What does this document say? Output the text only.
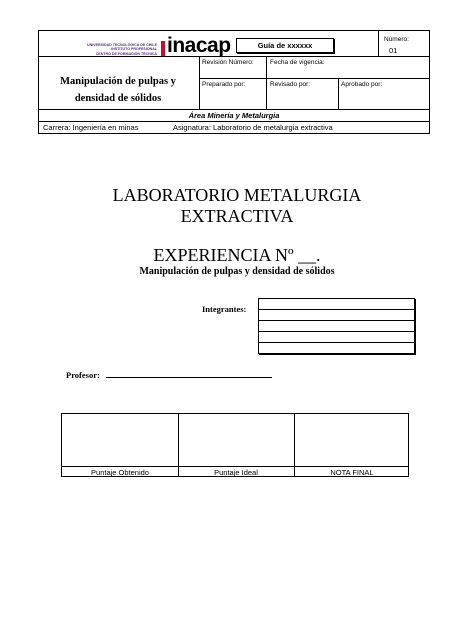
UNIVERSIDAD TECNOLÓGICA DE CHILE
INSTITUTO PROFESIONAL
CENTRO DE FORMACIÓN TÉCNICA inacap	Guía de xxxxxx
Número:
01
Manipulación de pulpas y densidad de sólidos
Revisión Número:	Fecha de vigencia:
Preparado por:	Revisado por:	Aprobado por:
Área Minería y Metalurgia
Carrera: Ingeniería en minas	Asignatura: Laboratorio de metalurgia extractiva
LABORATORIO METALURGIA
EXTRACTIVA
EXPERIENCIA Nº __.
Manipulación de pulpas y densidad de sólidos
Integrantes:
Profesor:
Puntaje Obtenido	Puntaje Ideal	NOTA FINAL
